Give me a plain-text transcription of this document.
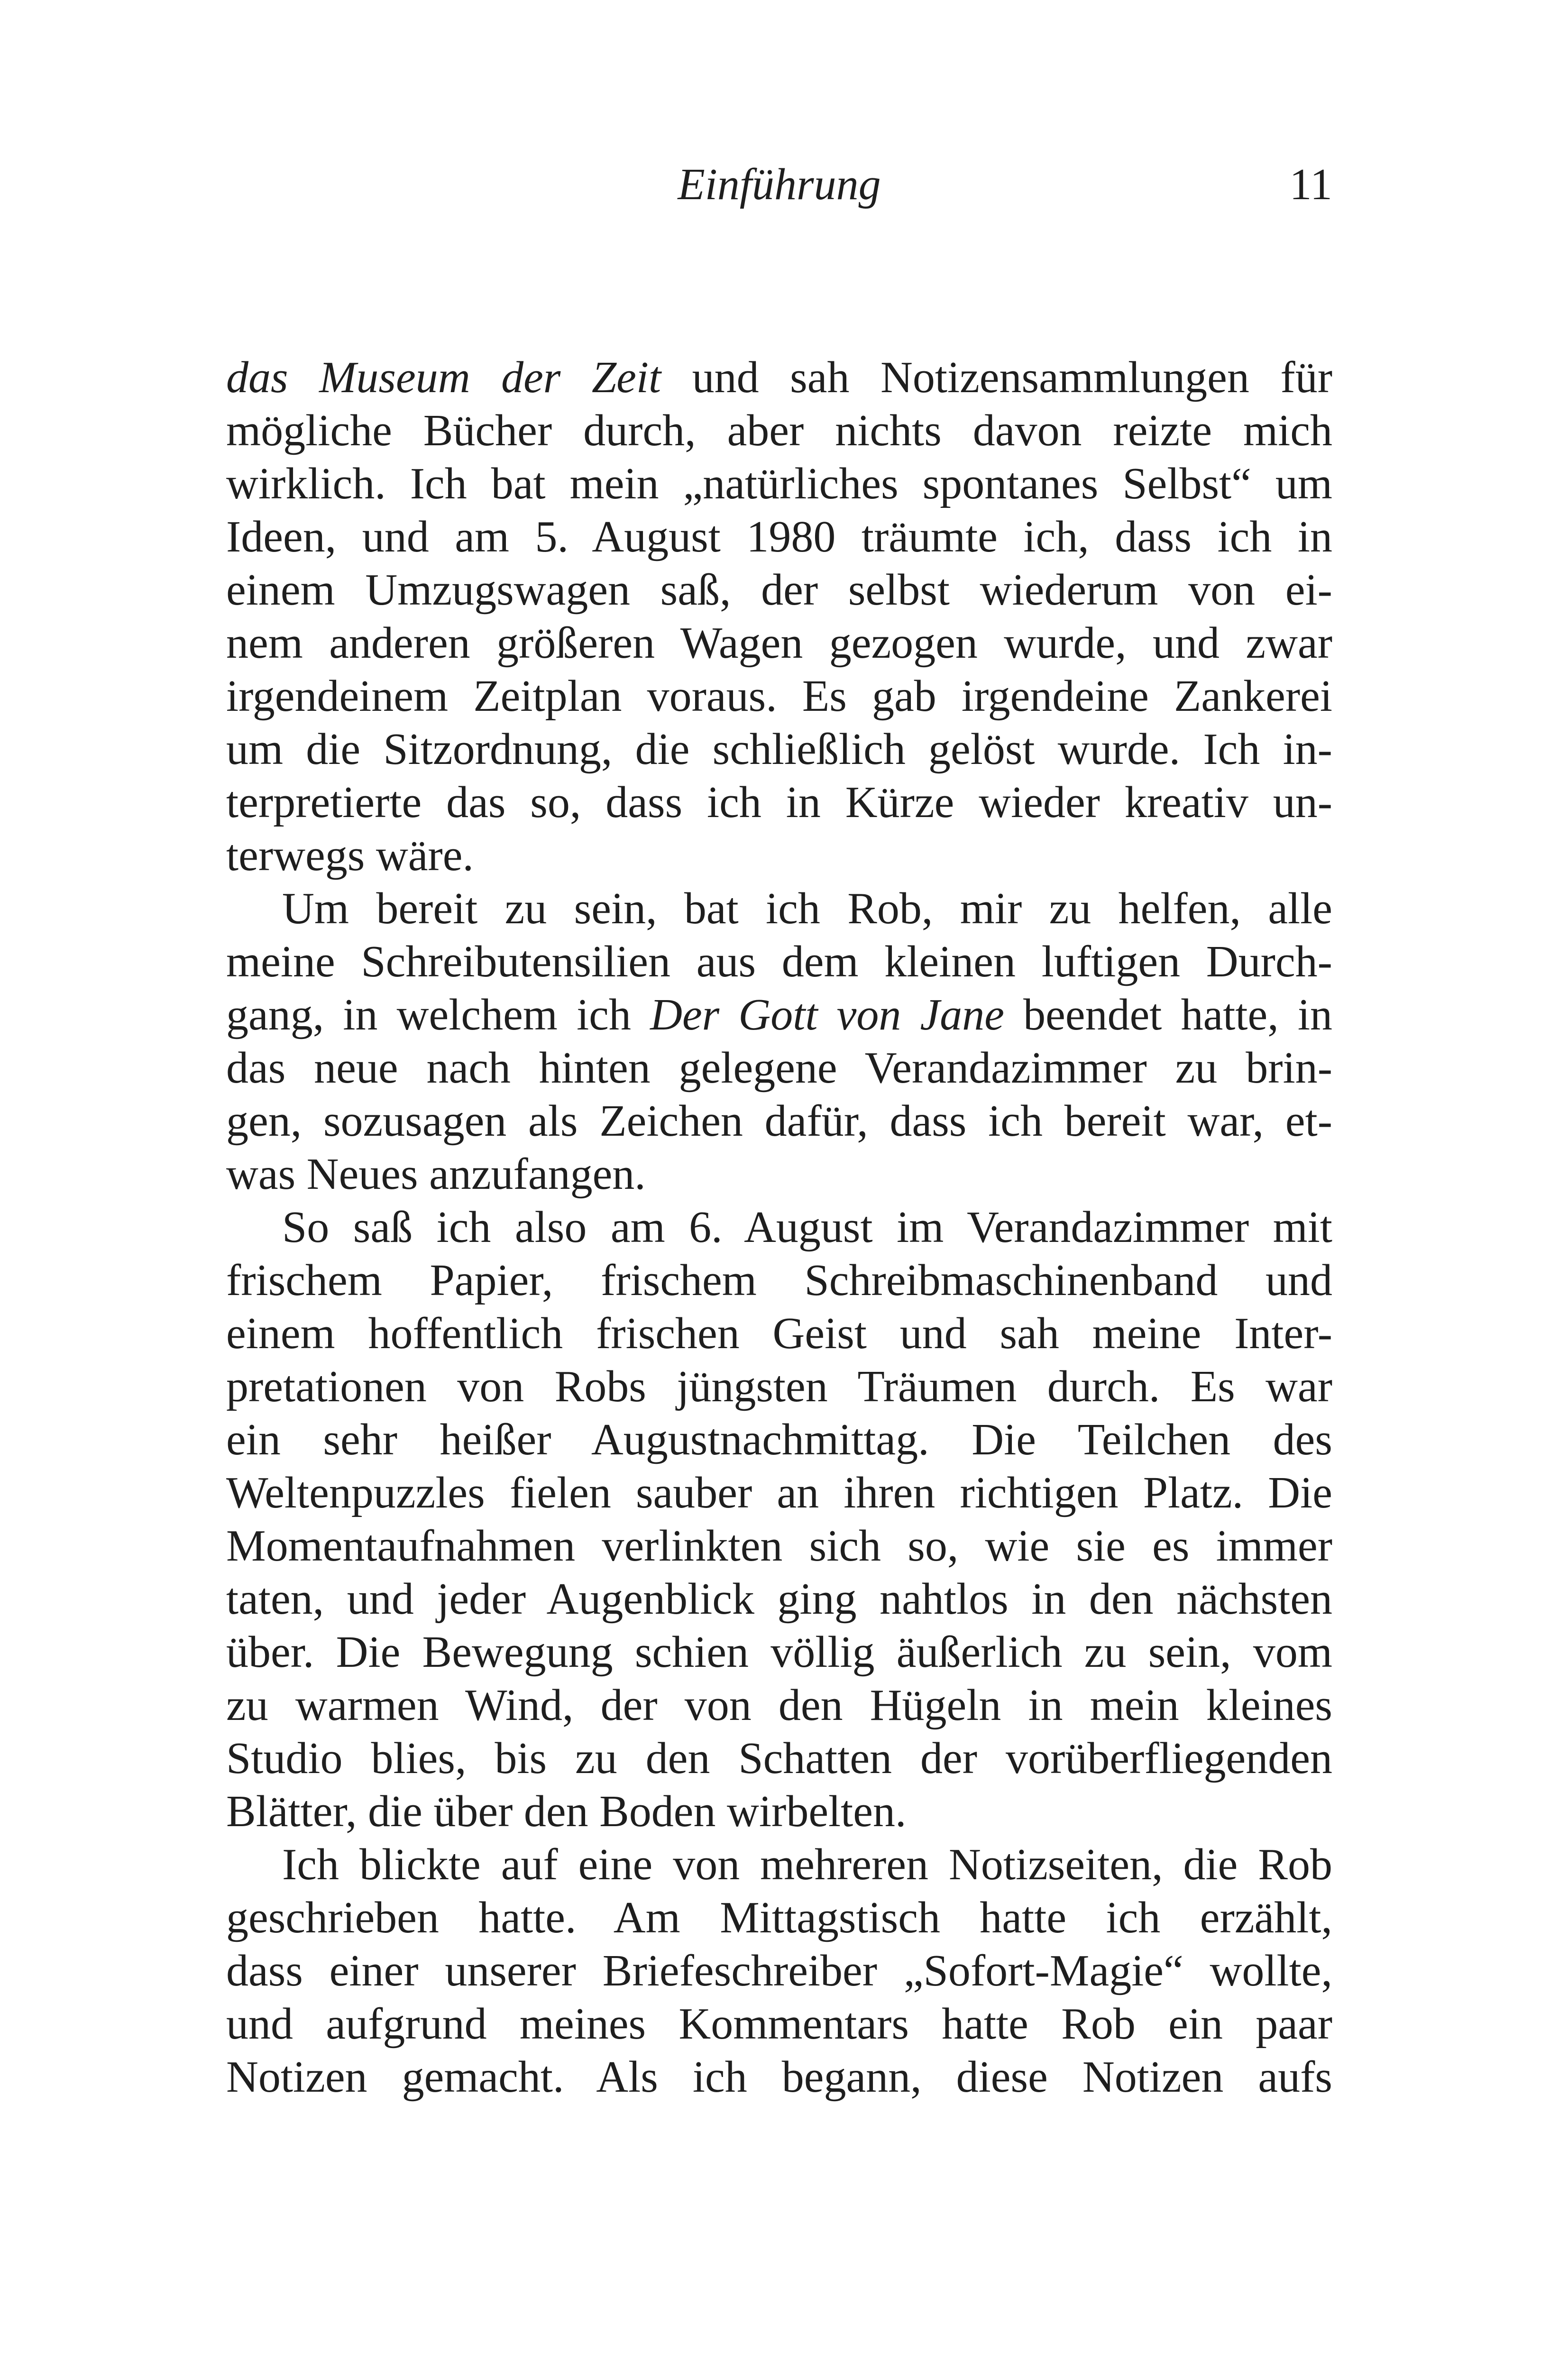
Einführung	11

das Museum der Zeit und sah Notizensammlungen für
mögliche Bücher durch, aber nichts davon reizte mich
wirklich. Ich bat mein „natürliches spontanes Selbst“ um
Ideen, und am 5. August 1980 träumte ich, dass ich in
einem Umzugswagen saß, der selbst wiederum von ei-
nem anderen größeren Wagen gezogen wurde, und zwar
irgendeinem Zeitplan voraus. Es gab irgendeine Zankerei
um die Sitzordnung, die schließlich gelöst wurde. Ich in-
terpretierte das so, dass ich in Kürze wieder kreativ un-
terwegs wäre.

Um bereit zu sein, bat ich Rob, mir zu helfen, alle
meine Schreibutensilien aus dem kleinen luftigen Durch-
gang, in welchem ich Der Gott von Jane beendet hatte, in
das neue nach hinten gelegene Verandazimmer zu brin-
gen, sozusagen als Zeichen dafür, dass ich bereit war, et-
was Neues anzufangen.

So saß ich also am 6. August im Verandazimmer mit
frischem Papier, frischem Schreibmaschinenband und
einem hoffentlich frischen Geist und sah meine Inter-
pretationen von Robs jüngsten Träumen durch. Es war
ein sehr heißer Augustnachmittag. Die Teilchen des
Weltenpuzzles fielen sauber an ihren richtigen Platz. Die
Momentaufnahmen verlinkten sich so, wie sie es immer
taten, und jeder Augenblick ging nahtlos in den nächsten
über. Die Bewegung schien völlig äußerlich zu sein, vom
zu warmen Wind, der von den Hügeln in mein kleines
Studio blies, bis zu den Schatten der vorüberfliegenden
Blätter, die über den Boden wirbelten.

Ich blickte auf eine von mehreren Notizseiten, die Rob
geschrieben hatte. Am Mittagstisch hatte ich erzählt,
dass einer unserer Briefeschreiber „Sofort-Magie“ wollte,
und aufgrund meines Kommentars hatte Rob ein paar
Notizen gemacht. Als ich begann, diese Notizen aufs
